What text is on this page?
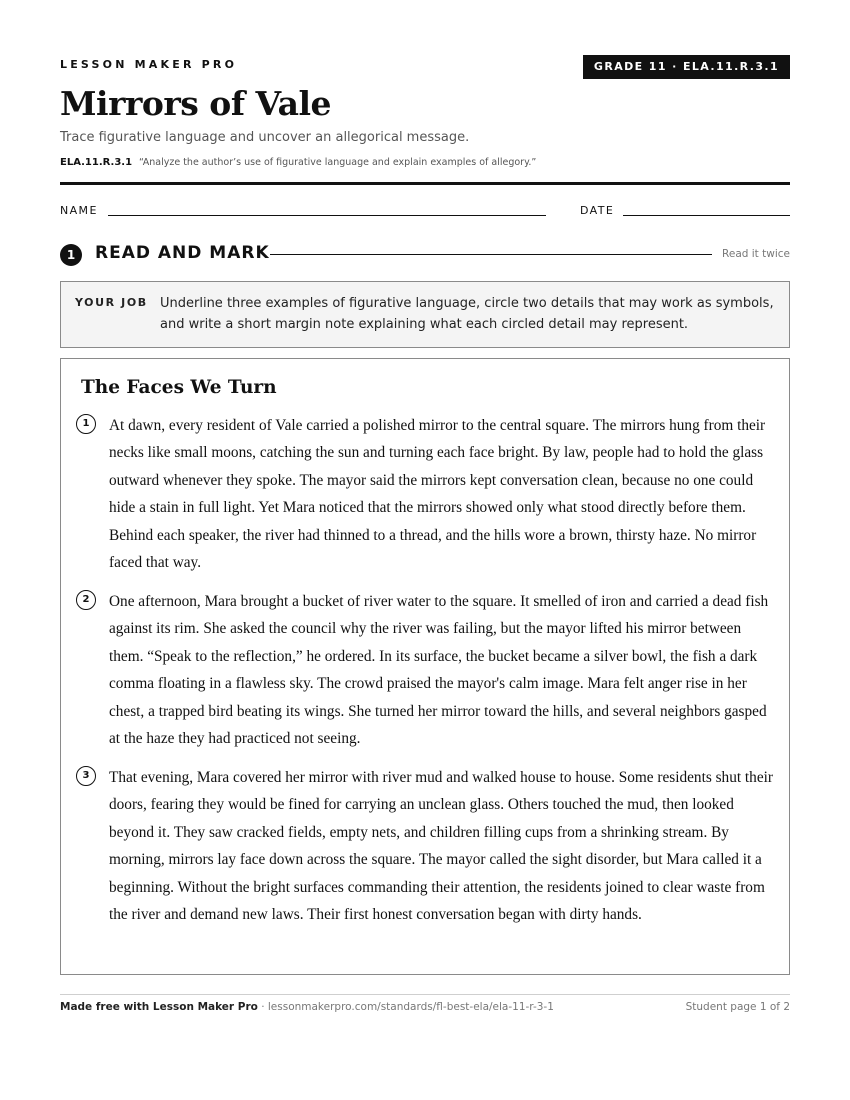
LESSON MAKER PRO	GRADE 11 · ELA.11.R.3.1
Mirrors of Vale
Trace figurative language and uncover an allegorical message.
ELA.11.R.3.1 “Analyze the author’s use of figurative language and explain examples of allegory.”
NAME	DATE
1	READ AND MARK	Read it twice
YOUR JOB Underline three examples of figurative language, circle two details that may work as symbols, and write a short margin note explaining what each circled detail may represent.

The Faces We Turn
1	At dawn, every resident of Vale carried a polished mirror to the central square. The mirrors hung from their necks like small moons, catching the sun and turning each face bright. By law, people had to hold the glass outward whenever they spoke. The mayor said the mirrors kept conversation clean, because no one could hide a stain in full light. Yet Mara noticed that the mirrors showed only what stood directly before them. Behind each speaker, the river had thinned to a thread, and the hills wore a brown, thirsty haze. No mirror faced that way.

2	One afternoon, Mara brought a bucket of river water to the square. It smelled of iron and carried a dead fish against its rim. She asked the council why the river was failing, but the mayor lifted his mirror between them. “Speak to the reflection,” he ordered. In its surface, the bucket became a silver bowl, the fish a dark comma floating in a flawless sky. The crowd praised the mayor's calm image. Mara felt anger rise in her chest, a trapped bird beating its wings. She turned her mirror toward the hills, and several neighbors gasped at the haze they had practiced not seeing.

3	That evening, Mara covered her mirror with river mud and walked house to house. Some residents shut their doors, fearing they would be fined for carrying an unclean glass. Others touched the mud, then looked beyond it. They saw cracked fields, empty nets, and children filling cups from a shrinking stream. By morning, mirrors lay face down across the square. The mayor called the sight disorder, but Mara called it a beginning. Without the bright surfaces commanding their attention, the residents joined to clear waste from the river and demand new laws. Their first honest conversation began with dirty hands.

Made free with Lesson Maker Pro · lessonmakerpro.com/standards/fl-best-ela/ela-11-r-3-1	Student page 1 of 2
